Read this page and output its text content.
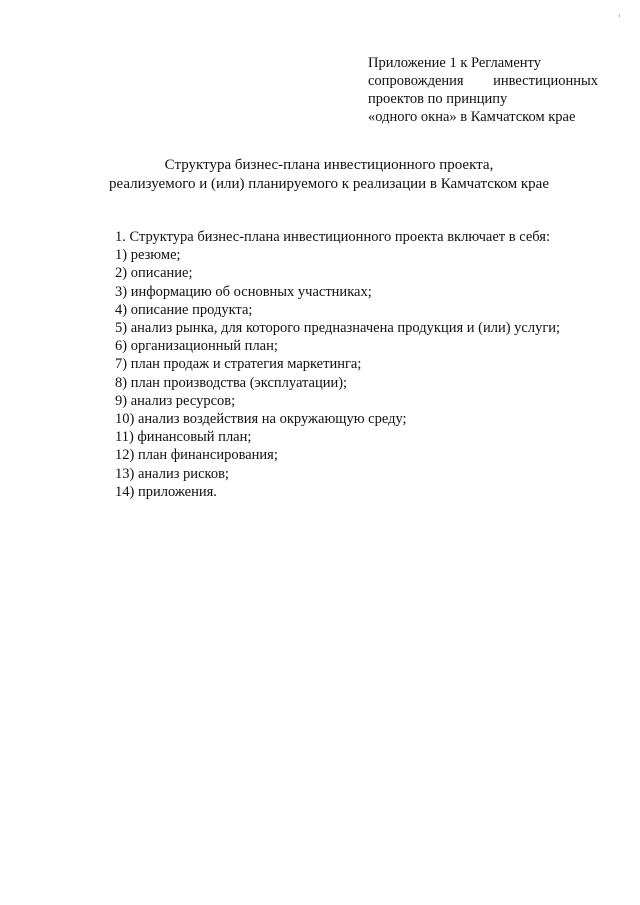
Приложение 1 к Регламенту
сопровождения инвестиционных
проектов по принципу
«одного окна» в Камчатском крае
Структура бизнес-плана инвестиционного проекта,
реализуемого и (или) планируемого к реализации в Камчатском крае
1. Структура бизнес-плана инвестиционного проекта включает в себя:
1) резюме;
2) описание;
3) информацию об основных участниках;
4) описание продукта;
5) анализ рынка, для которого предназначена продукция и (или) услуги;
6) организационный план;
7) план продаж и стратегия маркетинга;
8) план производства (эксплуатации);
9) анализ ресурсов;
10) анализ воздействия на окружающую среду;
11) финансовый план;
12) план финансирования;
13) анализ рисков;
14) приложения.
